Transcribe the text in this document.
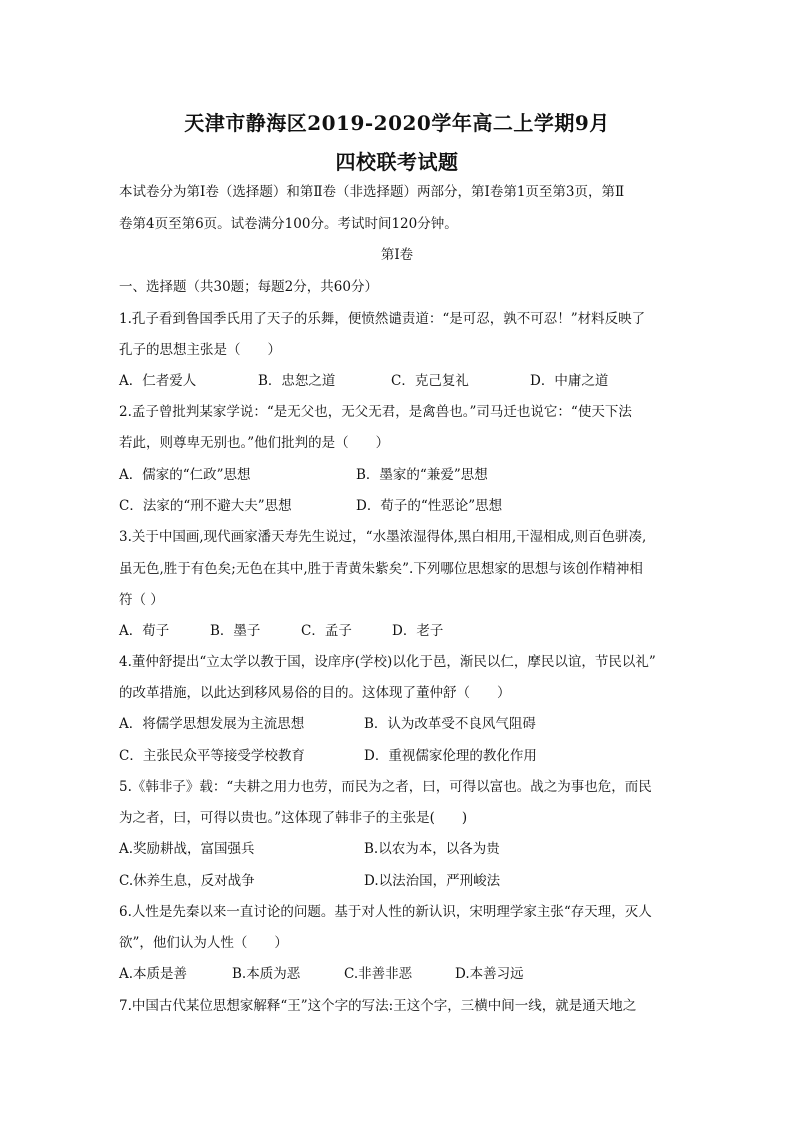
天津市静海区2019-2020学年高二上学期9月
四校联考试题
本试卷分为第Ⅰ卷（选择题）和第Ⅱ卷（非选择题）两部分，第Ⅰ卷第1页至第3页，第Ⅱ
卷第4页至第6页。试卷满分100分。考试时间120分钟。
第Ⅰ卷
一、选择题（共30题；每题2分，共60分）
1.孔子看到鲁国季氏用了天子的乐舞，便愤然谴责道：“是可忍，孰不可忍！”材料反映了
孔子的思想主张是（　　）
A．仁者爱人	B．忠恕之道	C．克己复礼	D．中庸之道
2.孟子曾批判某家学说：“是无父也，无父无君，是禽兽也。”司马迁也说它：“使天下法
若此，则尊卑无别也。”他们批判的是（　　）
A．儒家的“仁政”思想	B．墨家的“兼爱”思想
C．法家的“刑不避大夫”思想	D．荀子的“性恶论”思想
3.关于中国画,现代画家潘天寿先生说过，“水墨浓湿得体,黑白相用,干湿相成,则百色骈凑,
虽无色,胜于有色矣;无色在其中,胜于青黄朱紫矣”.下列哪位思想家的思想与该创作精神相
符（ ）
A．荀子	B．墨子	C．孟子	D．老子
4.董仲舒提出“立太学以教于国，设庠序(学校)以化于邑，渐民以仁，摩民以谊，节民以礼”
的改革措施，以此达到移风易俗的目的。这体现了董仲舒（　　）
A．将儒学思想发展为主流思想	B．认为改革受不良风气阻碍
C．主张民众平等接受学校教育	D．重视儒家伦理的教化作用
5.《韩非子》载：“夫耕之用力也劳，而民为之者，曰，可得以富也。战之为事也危，而民
为之者，曰，可得以贵也。”这体现了韩非子的主张是(　　)
A.奖励耕战，富国强兵	B.以农为本，以各为贵
C.休养生息，反对战争	D.以法治国，严刑峻法
6.人性是先秦以来一直讨论的问题。基于对人性的新认识，宋明理学家主张“存天理，灭人
欲”，他们认为人性（　　）
A.本质是善	B.本质为恶	C.非善非恶	D.本善习远
7.中国古代某位思想家解释“王”这个字的写法:王这个字，三横中间一线，就是通天地之
